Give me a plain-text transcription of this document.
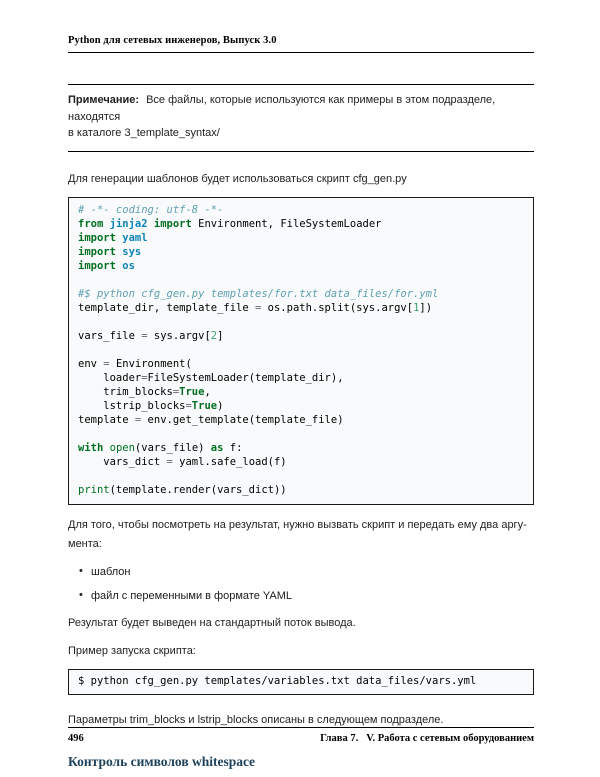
Python для сетевых инженеров, Выпуск 3.0
Примечание: Все файлы, которые используются как примеры в этом подразделе, находятся
в каталоге 3_template_syntax/
Для генерации шаблонов будет использоваться скрипт cfg_gen.py
# -*- coding: utf-8 -*-
from jinja2 import Environment, FileSystemLoader
import yaml
import sys
import os

#$ python cfg_gen.py templates/for.txt data_files/for.yml
template_dir, template_file = os.path.split(sys.argv[1])

vars_file = sys.argv[2]

env = Environment(
loader=FileSystemLoader(template_dir),
trim_blocks=True,
lstrip_blocks=True)
template = env.get_template(template_file)

with open(vars_file) as f:
vars_dict = yaml.safe_load(f)

print(template.render(vars_dict))
Для того, чтобы посмотреть на результат, нужно вызвать скрипт и передать ему два аргу-
мента:
• шаблон
• файл с переменными в формате YAML
Результат будет выведен на стандартный поток вывода.
Пример запуска скрипта:
$ python cfg_gen.py templates/variables.txt data_files/vars.yml
Параметры trim_blocks и lstrip_blocks описаны в следующем подразделе.
Контроль символов whitespace
496	Глава 7. V. Работа с сетевым оборудованием
